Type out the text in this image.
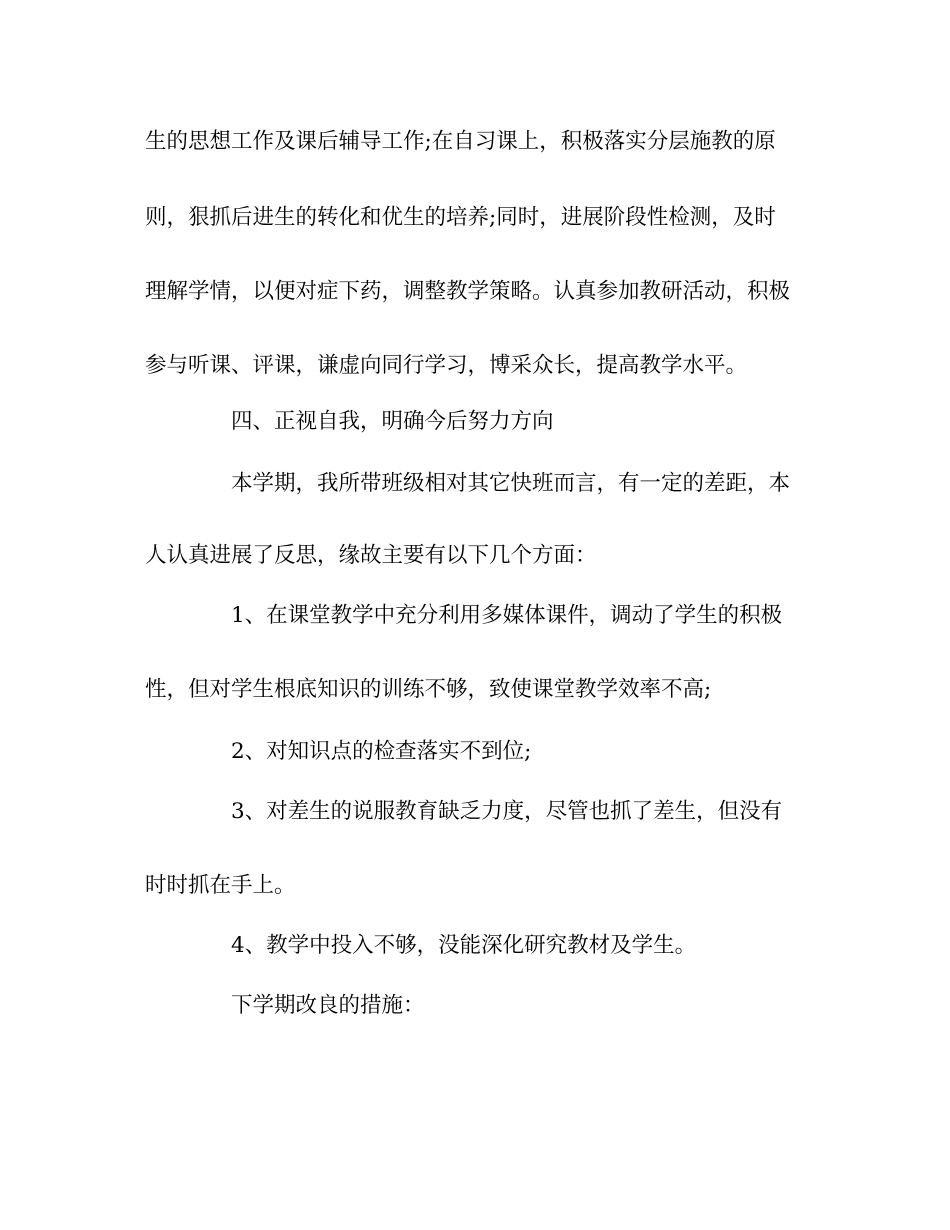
生的思想工作及课后辅导工作;在自习课上，积极落实分层施教的原
则，狠抓后进生的转化和优生的培养;同时，进展阶段性检测，及时
理解学情，以便对症下药，调整教学策略。认真参加教研活动，积极
参与听课、评课，谦虚向同行学习，博采众长，提高教学水平。
四、正视自我，明确今后努力方向
本学期，我所带班级相对其它快班而言，有一定的差距，本
人认真进展了反思，缘故主要有以下几个方面：
1、在课堂教学中充分利用多媒体课件，调动了学生的积极
性，但对学生根底知识的训练不够，致使课堂教学效率不高;
2、对知识点的检查落实不到位;
3、对差生的说服教育缺乏力度，尽管也抓了差生，但没有
时时抓在手上。
4、教学中投入不够，没能深化研究教材及学生。
下学期改良的措施：
